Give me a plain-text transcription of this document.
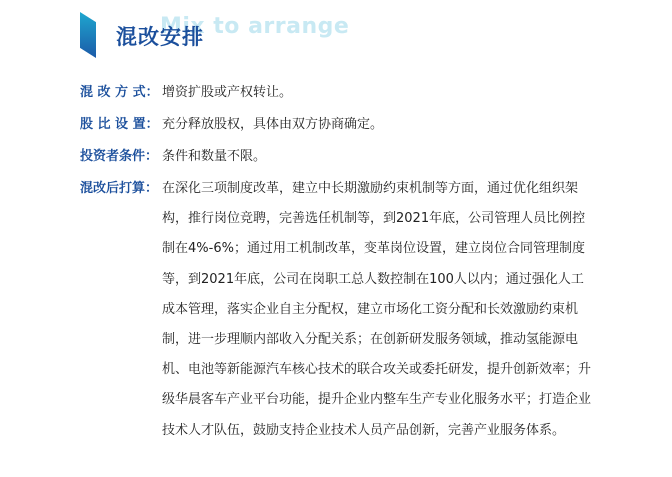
Mix to arrange
混改安排
混 改 方 式： 增资扩股或产权转让。
股 比 设 置： 充分释放股权，具体由双方协商确定。
投资者条件： 条件和数量不限。
混改后打算： 在深化三项制度改革，建立中长期激励约束机制等方面，通过优化组织架构，推行岗位竞聘，完善选任机制等，到2021年底，公司管理人员比例控制在4%-6%；通过用工机制改革，变革岗位设置，建立岗位合同管理制度等，到2021年底，公司在岗职工总人数控制在100人以内；通过强化人工成本管理，落实企业自主分配权，建立市场化工资分配和长效激励约束机制，进一步理顺内部收入分配关系；在创新研发服务领域，推动氢能源电机、电池等新能源汽车核心技术的联合攻关或委托研发，提升创新效率；升级华晨客车产业平台功能，提升企业内整车生产专业化服务水平；打造企业技术人才队伍，鼓励支持企业技术人员产品创新，完善产业服务体系。
